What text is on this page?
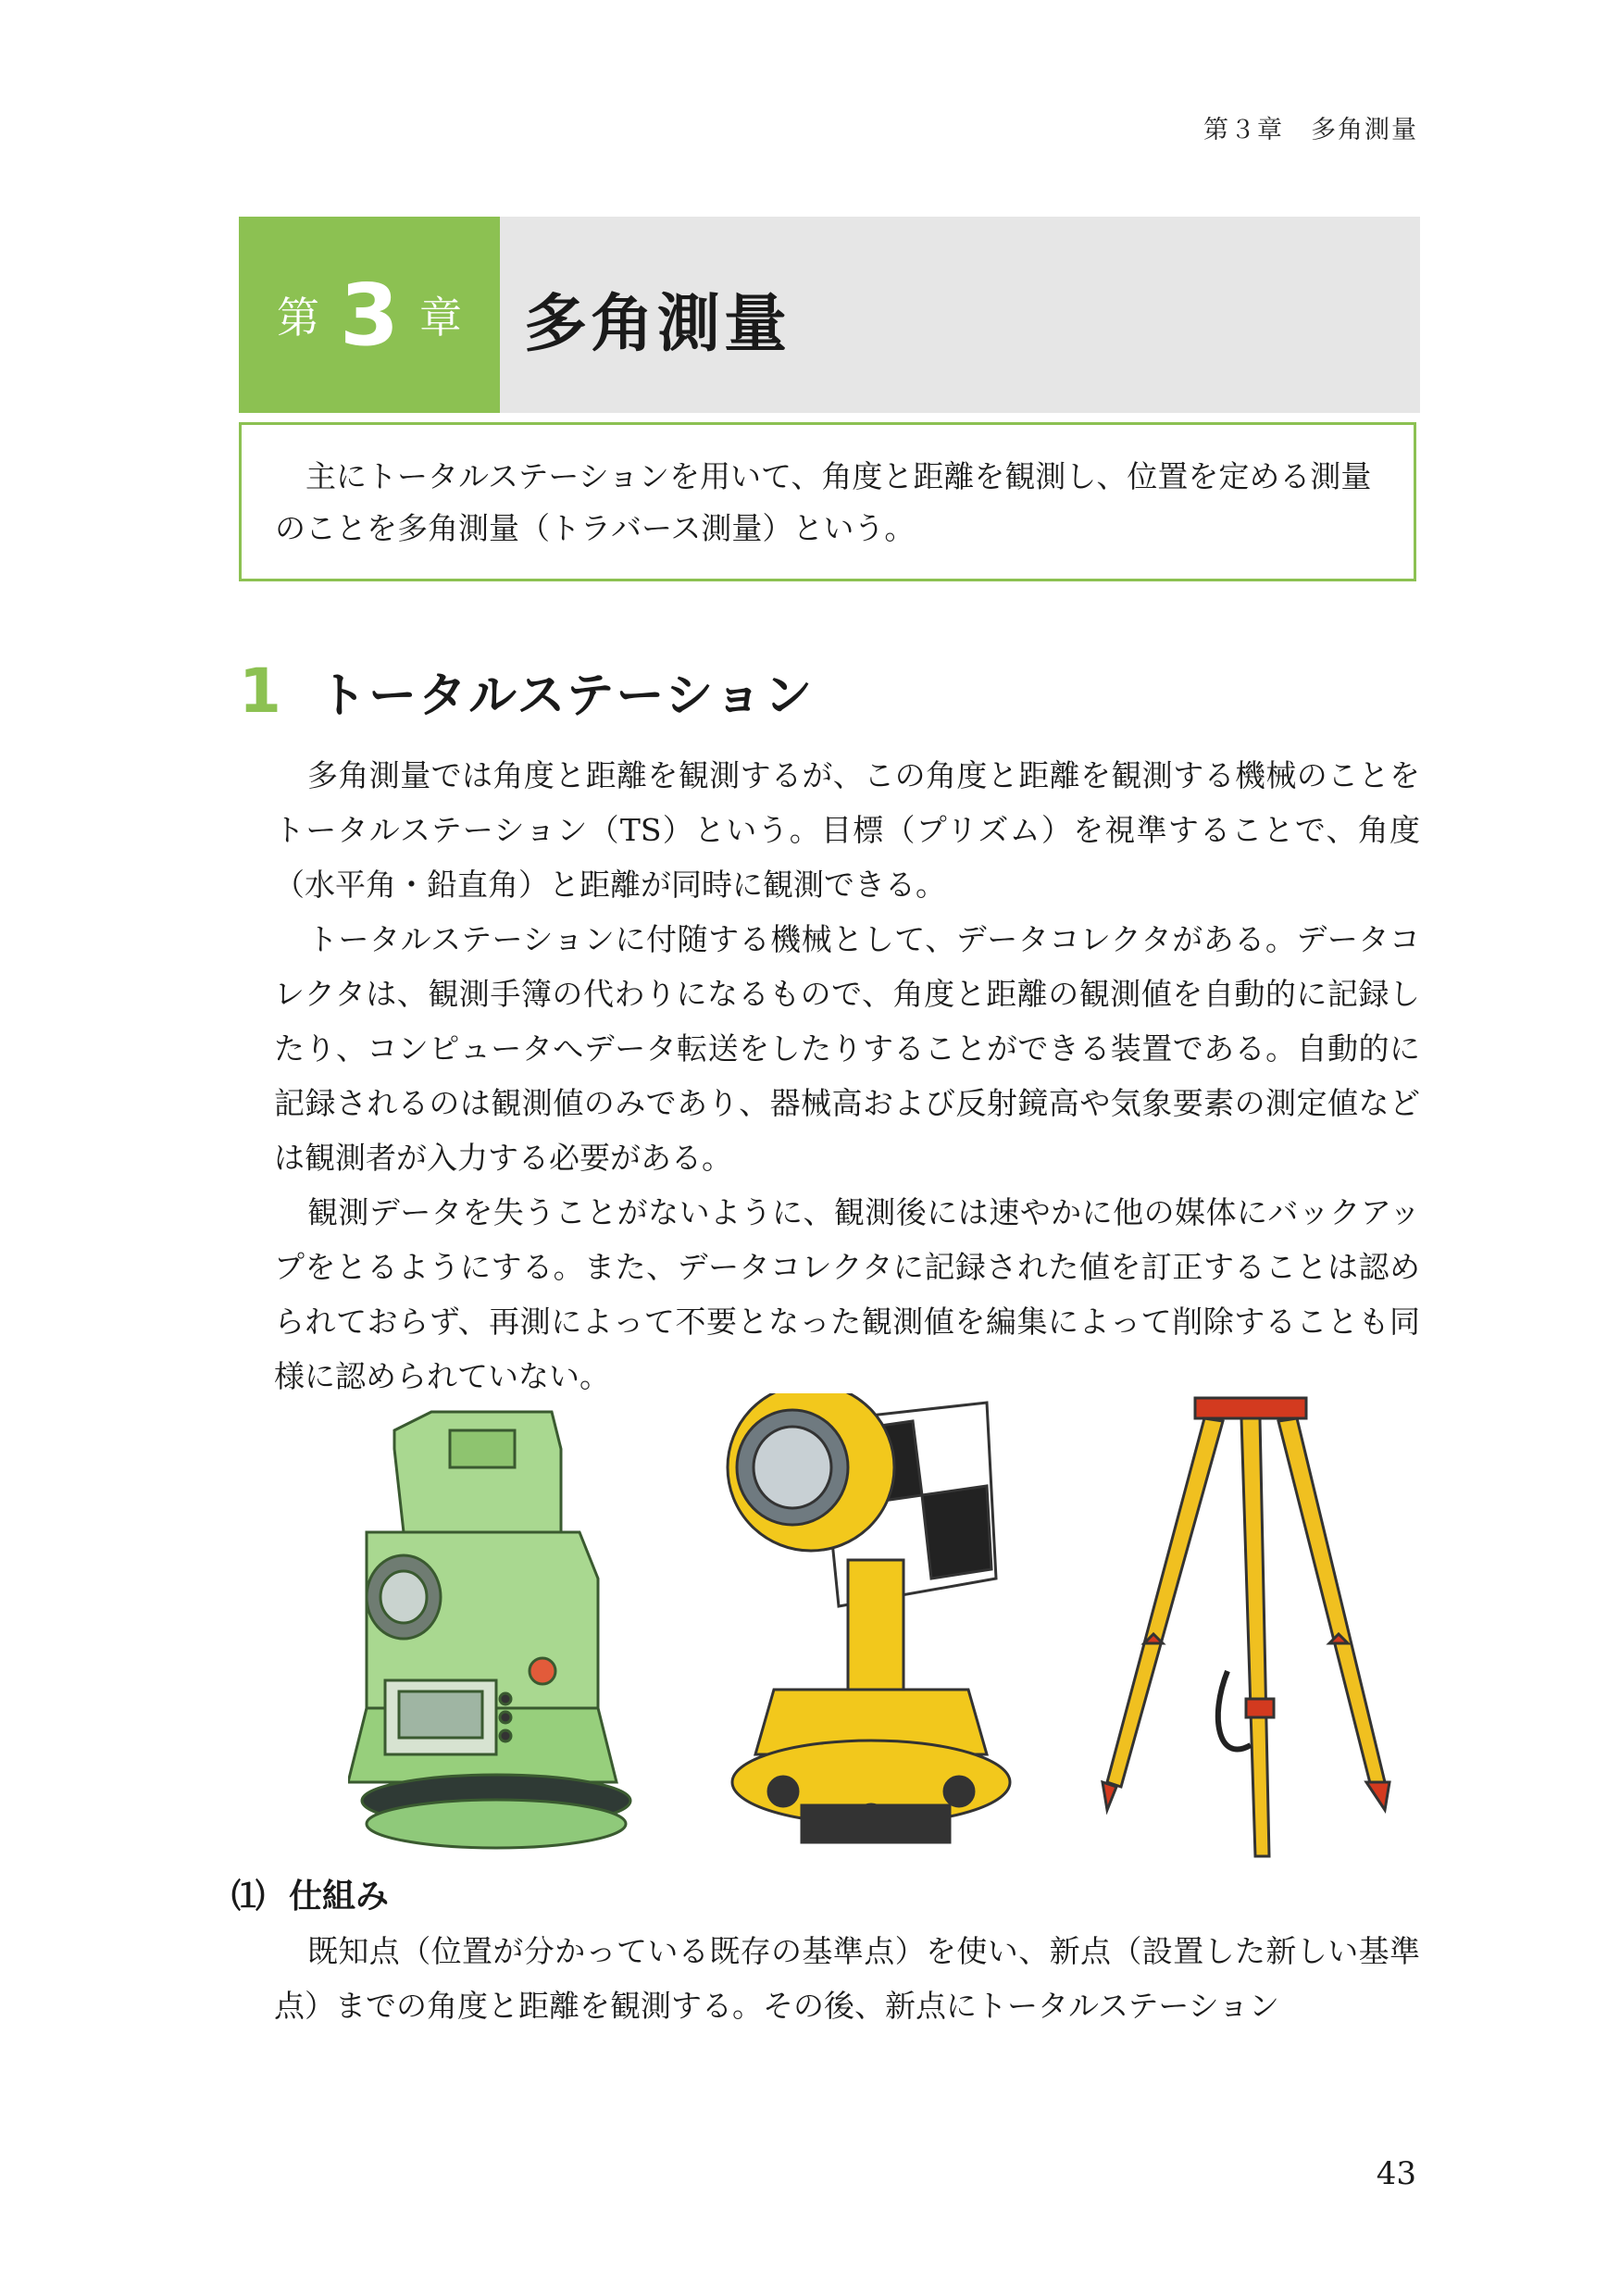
第３章　多角測量
第 3 章 多角測量

主にトータルステーションを用いて、角度と距離を観測し、位置を定める測量のことを多角測量（トラバース測量）という。

1 トータルステーション

多角測量では角度と距離を観測するが、この角度と距離を観測する機械のことをトータルステーション（TS）という。目標（プリズム）を視準することで、角度（水平角・鉛直角）と距離が同時に観測できる。

トータルステーションに付随する機械として、データコレクタがある。データコレクタは、観測手簿の代わりになるもので、角度と距離の観測値を自動的に記録したり、コンピュータへデータ転送をしたりすることができる装置である。自動的に記録されるのは観測値のみであり、器械高および反射鏡高や気象要素の測定値などは観測者が入力する必要がある。

観測データを失うことがないように、観測後には速やかに他の媒体にバックアップをとるようにする。また、データコレクタに記録された値を訂正することは認められておらず、再測によって不要となった観測値を編集によって削除することも同様に認められていない。

⑴ 仕組み

既知点（位置が分かっている既存の基準点）を使い、新点（設置した新しい基準点）までの角度と距離を観測する。その後、新点にトータルステーション

43
